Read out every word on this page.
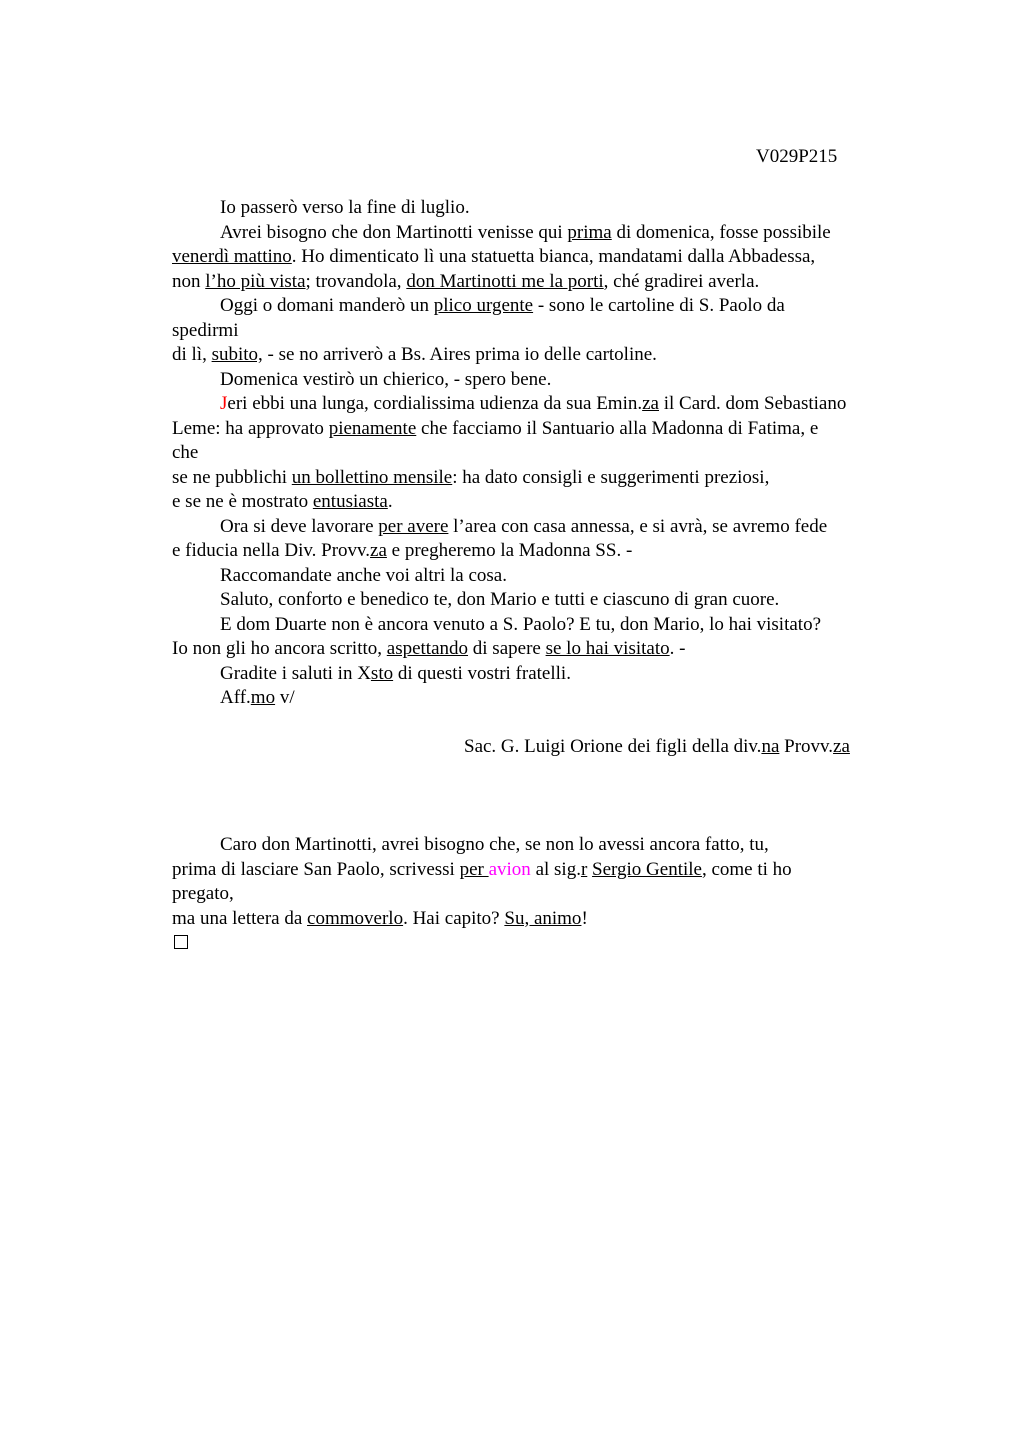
V029P215
Io passerò verso la fine di luglio.
Avrei bisogno che don Martinotti venisse qui prima di domenica, fosse possibile
venerdì mattino. Ho dimenticato lì una statuetta bianca, mandatami dalla Abbadessa,
non l’ho più vista; trovandola, don Martinotti me la porti, ché gradirei averla.
Oggi o domani manderò un plico urgente - sono le cartoline di S. Paolo da
spedirmi
di lì, subito, - se no arriverò a Bs. Aires prima io delle cartoline.
Domenica vestirò un chierico, - spero bene.
Jeri ebbi una lunga, cordialissima udienza da sua Emin.za il Card. dom Sebastiano
Leme: ha approvato pienamente che facciamo il Santuario alla Madonna di Fatima, e
che
se ne pubblichi un bollettino mensile: ha dato consigli e suggerimenti preziosi,
e se ne è mostrato entusiasta.
Ora si deve lavorare per avere l’area con casa annessa, e si avrà, se avremo fede
e fiducia nella Div. Provv.za e pregheremo la Madonna SS. -
Raccomandate anche voi altri la cosa.
Saluto, conforto e benedico te, don Mario e tutti e ciascuno di gran cuore.
E dom Duarte non è ancora venuto a S. Paolo? E tu, don Mario, lo hai visitato?
Io non gli ho ancora scritto, aspettando di sapere se lo hai visitato. -
Gradite i saluti in Xsto di questi vostri fratelli.
Aff.mo v/
Sac. G. Luigi Orione dei figli della div.na Provv.za
Caro don Martinotti, avrei bisogno che, se non lo avessi ancora fatto, tu,
prima di lasciare San Paolo, scrivessi per avion al sig.r Sergio Gentile, come ti ho
pregato,
ma una lettera da commoverlo. Hai capito? Su, animo!
